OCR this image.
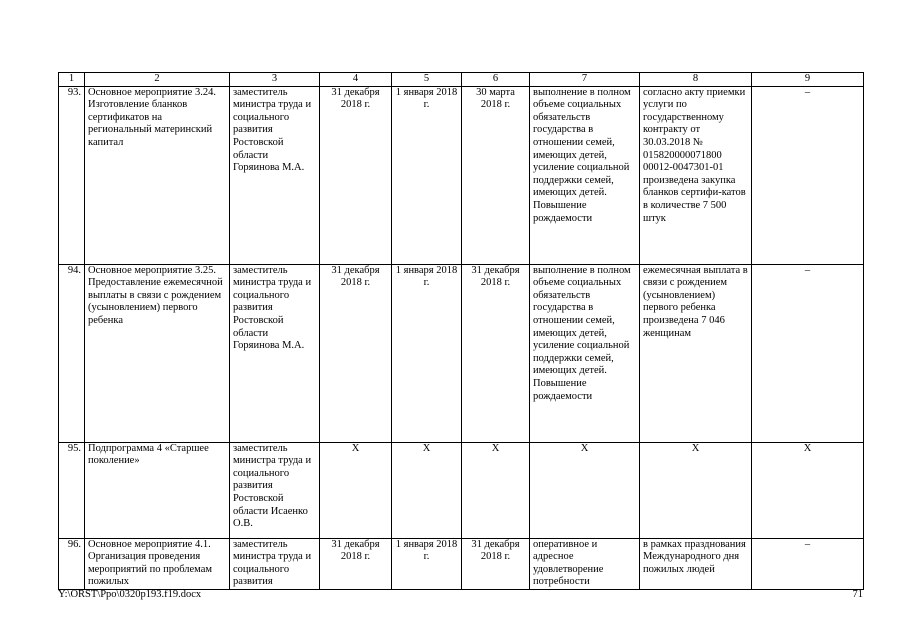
1	2	3	4	5	6	7	8	9
93.	Основное мероприятие 3.24. Изготовление бланков сертификатов на региональный материнский капитал	заместитель министра труда и социального развития Ростовской области Горяинова М.А.	31 декабря 2018 г.	1 января 2018 г.	30 марта 2018 г.	выполнение в полном объеме социальных обязательств государства в отношении семей, имеющих детей, усиление социальной поддержки семей, имеющих детей. Повышение рождаемости	согласно акту приемки услуги по государственному контракту от 30.03.2018 № 015820000071800 00012-0047301-01 произведена закупка бланков сертифи-катов в количестве 7 500 штук	–
94.	Основное мероприятие 3.25. Предоставление ежемесячной выплаты в связи с рождением (усыновлением) первого ребенка	заместитель министра труда и социального развития Ростовской области Горяинова М.А.	31 декабря 2018 г.	1 января 2018 г.	31 декабря 2018 г.	выполнение в полном объеме социальных обязательств государства в отношении семей, имеющих детей, усиление социальной поддержки семей, имеющих детей. Повышение рождаемости	ежемесячная выплата в связи с рождением (усыновлением) первого ребенка произведена 7 046 женщинам	–
95.	Подпрограмма 4 «Старшее поколение»	заместитель министра труда и социального развития Ростовской области Исаенко О.В.	X	X	X	X	X	X
96.	Основное мероприятие 4.1. Организация проведения мероприятий по проблемам пожилых	заместитель министра труда и социального развития	31 декабря 2018 г.	1 января 2018 г.	31 декабря 2018 г.	оперативное и адресное удовлетворение потребности	в рамках празднования Международного дня пожилых людей	–
Y:\ORST\Ppo\0320p193.f19.docx	71
